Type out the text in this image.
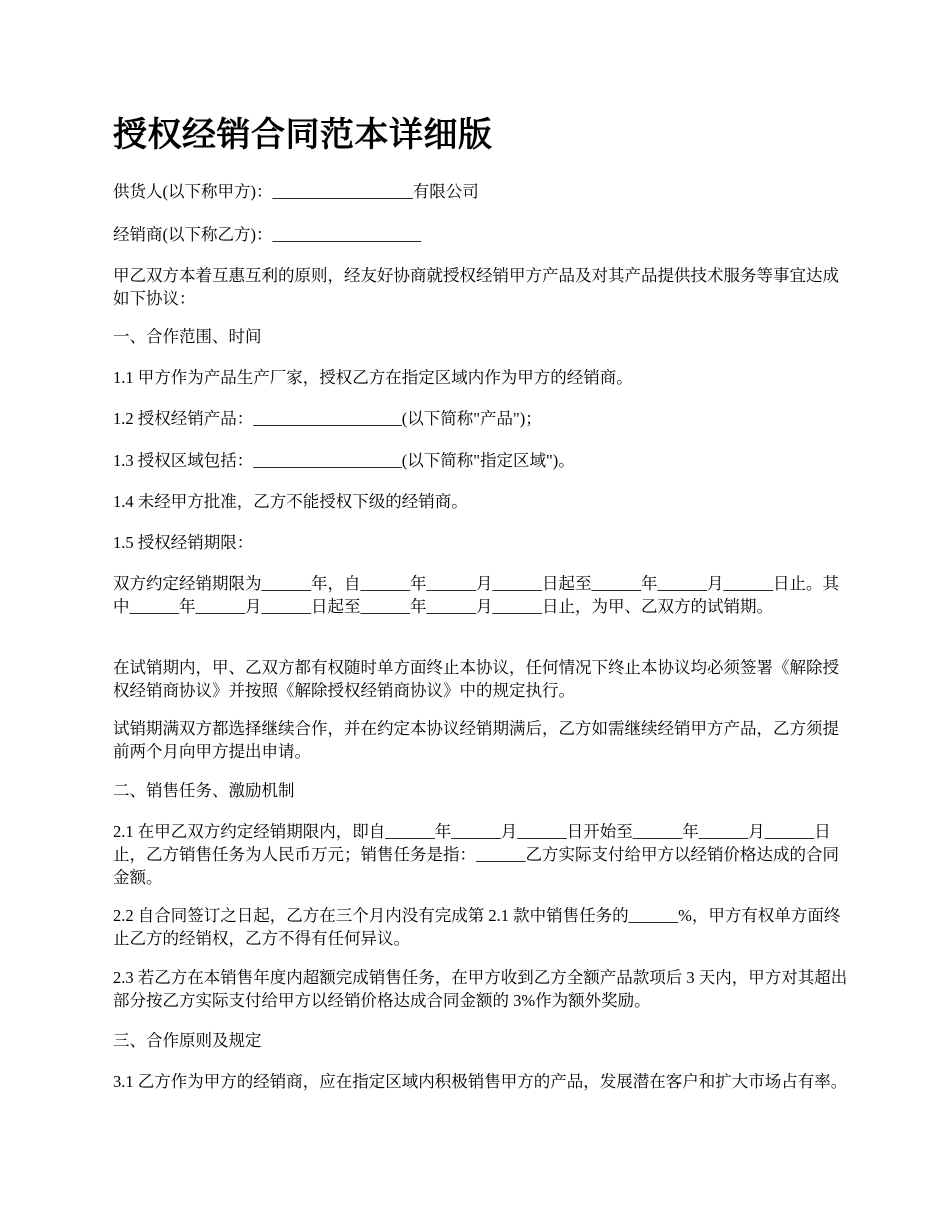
授权经销合同范本详细版

供货人(以下称甲方)：_________________有限公司

经销商(以下称乙方)：__________________

甲乙双方本着互惠互利的原则，经友好协商就授权经销甲方产品及对其产品提供技术服务等事宜达成如下协议：

一、合作范围、时间

1.1 甲方作为产品生产厂家，授权乙方在指定区域内作为甲方的经销商。

1.2 授权经销产品：__________________(以下简称"产品")；

1.3 授权区域包括：__________________(以下简称"指定区域")。

1.4 未经甲方批准，乙方不能授权下级的经销商。

1.5 授权经销期限：

双方约定经销期限为______年，自______年______月______日起至______年______月______日止。其中______年______月______日起至______年______月______日止，为甲、乙双方的试销期。

在试销期内，甲、乙双方都有权随时单方面终止本协议，任何情况下终止本协议均必须签署《解除授权经销商协议》并按照《解除授权经销商协议》中的规定执行。

试销期满双方都选择继续合作，并在约定本协议经销期满后，乙方如需继续经销甲方产品，乙方须提前两个月向甲方提出申请。

二、销售任务、激励机制

2.1 在甲乙双方约定经销期限内，即自______年______月______日开始至______年______月______日止，乙方销售任务为人民币万元；销售任务是指：______乙方实际支付给甲方以经销价格达成的合同金额。

2.2 自合同签订之日起，乙方在三个月内没有完成第 2.1 款中销售任务的______%，甲方有权单方面终止乙方的经销权，乙方不得有任何异议。

2.3 若乙方在本销售年度内超额完成销售任务，在甲方收到乙方全额产品款项后 3 天内，甲方对其超出部分按乙方实际支付给甲方以经销价格达成合同金额的 3%作为额外奖励。

三、合作原则及规定

3.1 乙方作为甲方的经销商，应在指定区域内积极销售甲方的产品，发展潜在客户和扩大市场占有率。
